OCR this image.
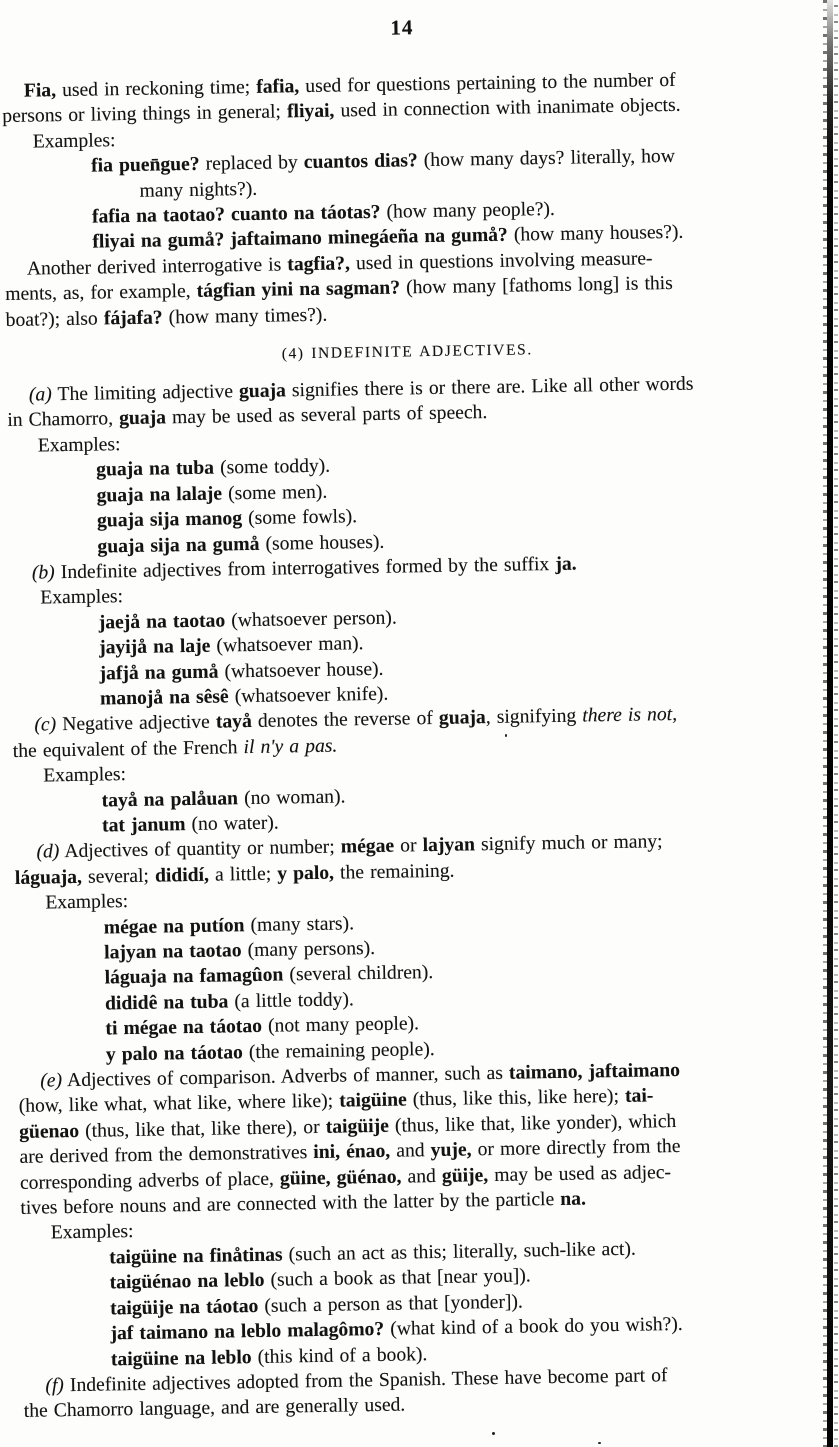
14
Fia, used in reckoning time; fafia, used for questions pertaining to the number of
persons or living things in general; fliyai, used in connection with inanimate objects.
Examples:
fia puen̄gue? replaced by cuantos dias? (how many days? literally, how
many nights?).
fafia na taotao? cuanto na táotas? (how many people?).
fliyai na gumå? jaftaimano minegáeña na gumå? (how many houses?).
Another derived interrogative is tagfia?, used in questions involving measure-
ments, as, for example, tágfian yini na sagman? (how many [fathoms long] is this
boat?); also fájafa? (how many times?).
(4) INDEFINITE ADJECTIVES.
(a) The limiting adjective guaja signifies there is or there are. Like all other words
in Chamorro, guaja may be used as several parts of speech.
Examples:
guaja na tuba (some toddy).
guaja na lalaje (some men).
guaja sija manog (some fowls).
guaja sija na gumå (some houses).
(b) Indefinite adjectives from interrogatives formed by the suffix ja.
Examples:
jaejå na taotao (whatsoever person).
jayijå na laje (whatsoever man).
jafjå na gumå (whatsoever house).
manojå na sêsê (whatsoever knife).
(c) Negative adjective tayå denotes the reverse of guaja, signifying there is not,
the equivalent of the French il n'y a pas.
Examples:
tayå na palåuan (no woman).
tat janum (no water).
(d) Adjectives of quantity or number; mégae or lajyan signify much or many;
láguaja, several; dididí, a little; y palo, the remaining.
Examples:
mégae na putíon (many stars).
lajyan na taotao (many persons).
láguaja na famagûon (several children).
dididê na tuba (a little toddy).
ti mégae na táotao (not many people).
y palo na táotao (the remaining people).
(e) Adjectives of comparison. Adverbs of manner, such as taimano, jaftaimano
(how, like what, what like, where like); taigüine (thus, like this, like here); tai-
güenao (thus, like that, like there), or taigüije (thus, like that, like yonder), which
are derived from the demonstratives ini, énao, and yuje, or more directly from the
corresponding adverbs of place, güine, güénao, and güije, may be used as adjec-
tives before nouns and are connected with the latter by the particle na.
Examples:
taigüine na finåtinas (such an act as this; literally, such-like act).
taigüénao na leblo (such a book as that [near you]).
taigüije na táotao (such a person as that [yonder]).
jaf taimano na leblo malagômo? (what kind of a book do you wish?).
taigüine na leblo (this kind of a book).
(f) Indefinite adjectives adopted from the Spanish. These have become part of
the Chamorro language, and are generally used.
